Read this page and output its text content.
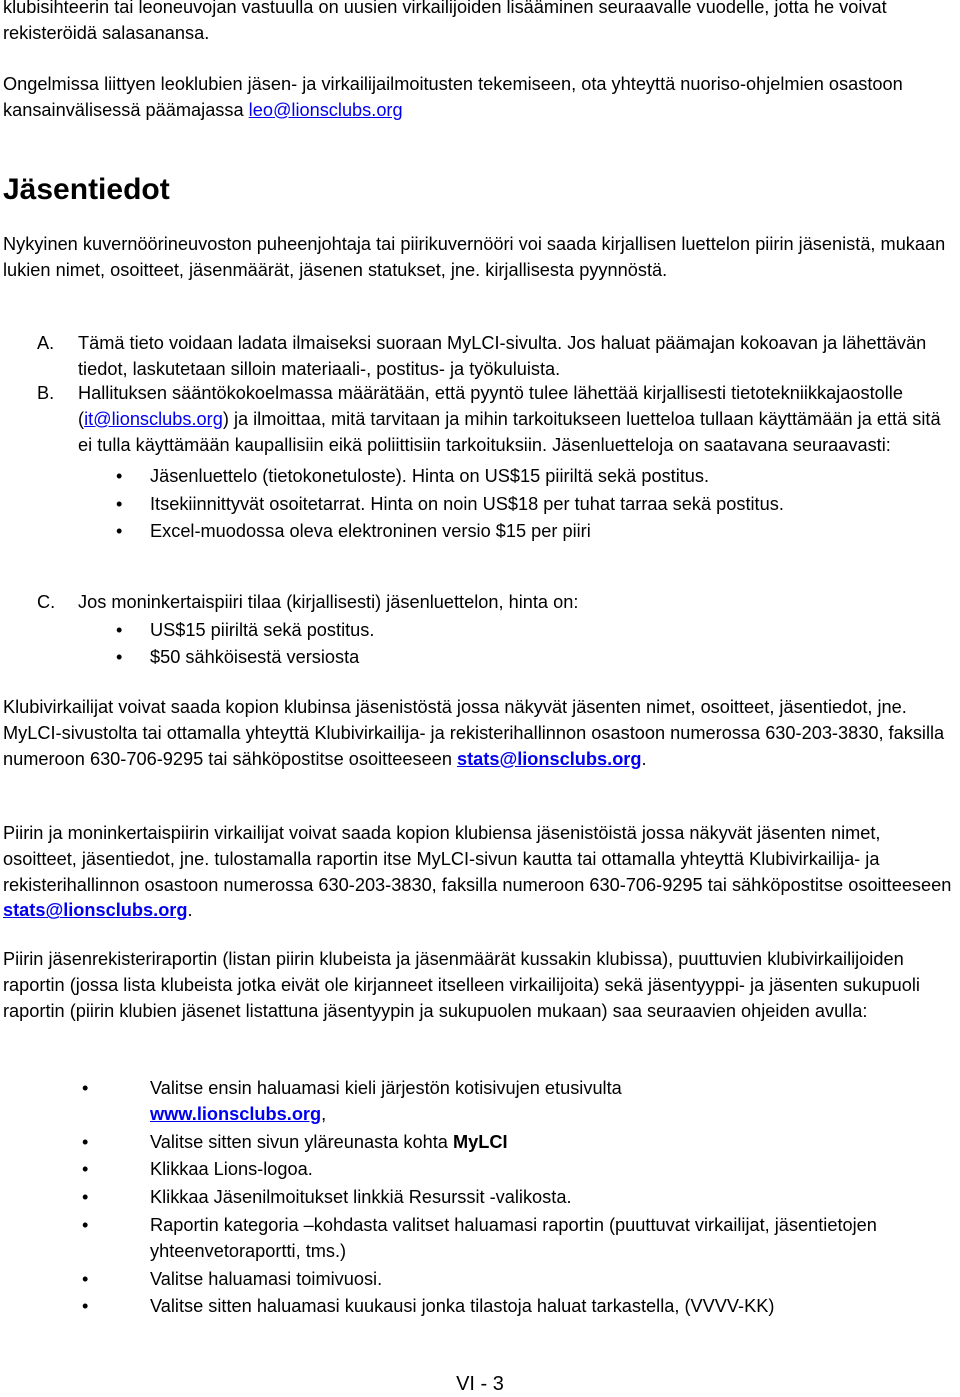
klubisihteerin tai leoneuvojan vastuulla on uusien virkailijoiden lisääminen seuraavalle vuodelle, jotta he voivat rekisteröidä salasanansa.

Ongelmissa liittyen leoklubien jäsen- ja virkailijailmoitusten tekemiseen, ota yhteyttä nuoriso-ohjelmien osastoon kansainvälisessä päämajassa leo@lionsclubs.org

Jäsentiedot

Nykyinen kuvernöörineuvoston puheenjohtaja tai piirikuvernööri voi saada kirjallisen luettelon piirin jäsenistä, mukaan lukien nimet, osoitteet, jäsenmäärät, jäsenen statukset, jne. kirjallisesta pyynnöstä.

A. Tämä tieto voidaan ladata ilmaiseksi suoraan MyLCI-sivulta. Jos haluat päämajan kokoavan ja lähettävän tiedot, laskutetaan silloin materiaali-, postitus- ja työkuluista.
B. Hallituksen sääntökokoelmassa määrätään, että pyyntö tulee lähettää kirjallisesti tietotekniikkajaostolle (it@lionsclubs.org) ja ilmoittaa, mitä tarvitaan ja mihin tarkoitukseen luetteloa tullaan käyttämään ja että sitä ei tulla käyttämään kaupallisiin eikä poliittisiin tarkoituksiin. Jäsenluetteloja on saatavana seuraavasti:
• Jäsenluettelo (tietokonetuloste). Hinta on US$15 piiriltä sekä postitus.
• Itsekiinnittyvät osoitetarrat. Hinta on noin US$18 per tuhat tarraa sekä postitus.
• Excel-muodossa oleva elektroninen versio $15 per piiri
C. Jos moninkertaispiiri tilaa (kirjallisesti) jäsenluettelon, hinta on:
• US$15 piiriltä sekä postitus.
• $50 sähköisestä versiosta

Klubivirkailijat voivat saada kopion klubinsa jäsenistöstä jossa näkyvät jäsenten nimet, osoitteet, jäsentiedot, jne. MyLCI-sivustolta tai ottamalla yhteyttä Klubivirkailija- ja rekisterihallinnon osastoon numerossa 630-203-3830, faksilla numeroon 630-706-9295 tai sähköpostitse osoitteeseen stats@lionsclubs.org.

Piirin ja moninkertaispiirin virkailijat voivat saada kopion klubiensa jäsenistöistä jossa näkyvät jäsenten nimet, osoitteet, jäsentiedot, jne. tulostamalla raportin itse MyLCI-sivun kautta tai ottamalla yhteyttä Klubivirkailija- ja rekisterihallinnon osastoon numerossa 630-203-3830, faksilla numeroon 630-706-9295 tai sähköpostitse osoitteeseen stats@lionsclubs.org.

Piirin jäsenrekisteriraportin (listan piirin klubeista ja jäsenmäärät kussakin klubissa), puuttuvien klubivirkailijoiden raportin (jossa lista klubeista jotka eivät ole kirjanneet itselleen virkailijoita) sekä jäsentyyppi- ja jäsenten sukupuoli raportin (piirin klubien jäsenet listattuna jäsentyypin ja sukupuolen mukaan) saa seuraavien ohjeiden avulla:

•	Valitse ensin haluamasi kieli järjestön kotisivujen etusivulta
www.lionsclubs.org,
•	Valitse sitten sivun yläreunasta kohta MyLCI
•	Klikkaa Lions-logoa.
•	Klikkaa Jäsenilmoitukset linkkiä Resurssit -valikosta.
•	Raportin kategoria –kohdasta valitset haluamasi raportin (puuttuvat virkailijat, jäsentietojen yhteenvetoraportti, tms.)
•	Valitse haluamasi toimivuosi.
•	Valitse sitten haluamasi kuukausi jonka tilastoja haluat tarkastella, (VVVV-KK)
VI - 3
